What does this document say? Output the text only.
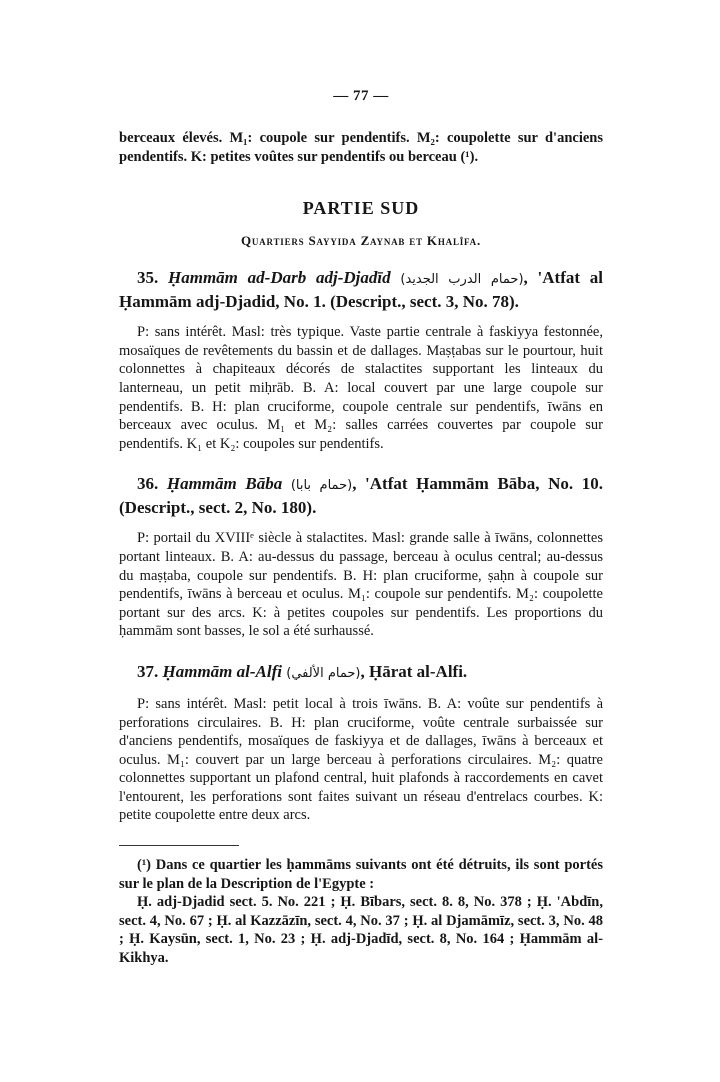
— 77 —

berceaux élevés. M₁: coupole sur pendentifs. M₂: coupolette sur d'anciens pendentifs. K: petites voûtes sur pendentifs ou berceau (¹).

PARTIE SUD
Quartiers Sayyida Zaynab et Khalîfa.

35. Ḥammām ad-Darb adj-Djadīd (حمام الدرب الجديد), 'Atfat al Ḥammām adj-Djadid, No. 1. (Descript., sect. 3, No. 78).

P: sans intérêt. Masl: très typique. Vaste partie centrale à faskiyya festonnée, mosaïques de revêtements du bassin et de dallages. Maṣṭabas sur le pourtour, huit colonnettes à chapiteaux décorés de stalactites supportant les linteaux du lanterneau, un petit miḥrāb. B. A: local couvert par une large coupole sur pendentifs. B. H: plan cruciforme, coupole centrale sur pendentifs, īwāns en berceaux avec oculus. M₁ et M₂: salles carrées couvertes par coupole sur pendentifs. K₁ et K₂: coupoles sur pendentifs.

36. Ḥammām Bāba (حمام بابا), 'Atfat Ḥammām Bāba, No. 10. (Descript., sect. 2, No. 180).

P: portail du XVIIIᵉ siècle à stalactites. Masl: grande salle à īwāns, colonnettes portant linteaux. B. A: au-dessus du passage, berceau à oculus central; au-dessus du maṣṭaba, coupole sur pendentifs. B. H: plan cruciforme, ṣaḥn à coupole sur pendentifs, īwāns à berceau et oculus. M₁: coupole sur pendentifs. M₂: coupolette portant sur des arcs. K: à petites coupoles sur pendentifs. Les proportions du ḥammām sont basses, le sol a été surhaussé.

37. Ḥammām al-Alfi (حمام الألفي), Ḥārat al-Alfi.

P: sans intérêt. Masl: petit local à trois īwāns. B. A: voûte sur pendentifs à perforations circulaires. B. H: plan cruciforme, voûte centrale surbaissée sur d'anciens pendentifs, mosaïques de faskiyya et de dallages, īwāns à berceaux et oculus. M₁: couvert par un large berceau à perforations circulaires. M₂: quatre colonnettes supportant un plafond central, huit plafonds à raccordements en cavet l'entourent, les perforations sont faites suivant un réseau d'entrelacs courbes. K: petite coupolette entre deux arcs.

(¹) Dans ce quartier les ḥammāms suivants ont été détruits, ils sont portés sur le plan de la Description de l'Egypte :

Ḥ. adj-Djadid sect. 5. No. 221 ; Ḥ. Bībars, sect. 8. 8, No. 378 ; Ḥ. 'Abdīn, sect. 4, No. 67 ; Ḥ. al Kazzāzīn, sect. 4, No. 37 ; Ḥ. al Djamāmīz, sect. 3, No. 48 ; Ḥ. Kaysūn, sect. 1, No. 23 ; Ḥ. adj-Djadīd, sect. 8, No. 164 ; Ḥammām al-Kikhya.
